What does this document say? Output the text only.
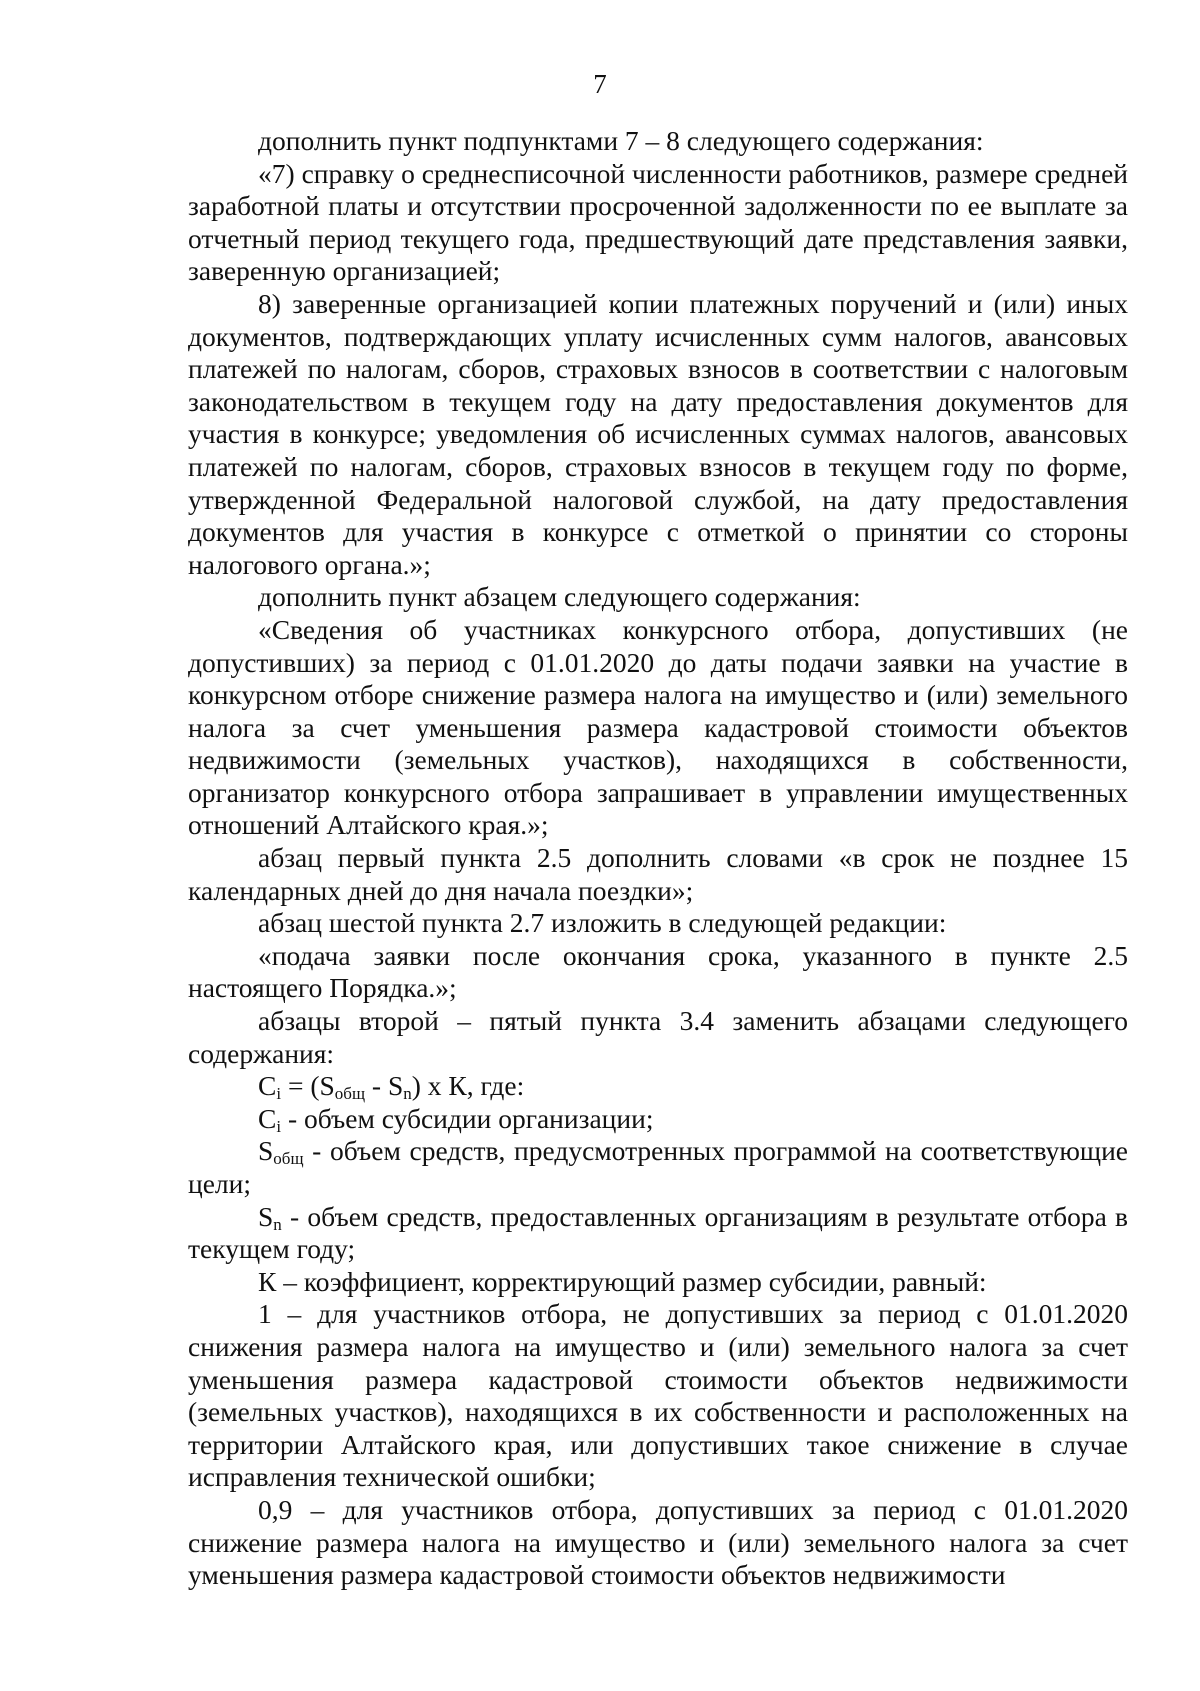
7

дополнить пункт подпунктами 7 – 8 следующего содержания:

«7) справку о среднесписочной численности работников, размере средней заработной платы и отсутствии просроченной задолженности по ее выплате за отчетный период текущего года, предшествующий дате представления заявки, заверенную организацией;

8) заверенные организацией копии платежных поручений и (или) иных документов, подтверждающих уплату исчисленных сумм налогов, авансовых платежей по налогам, сборов, страховых взносов в соответствии с налоговым законодательством в текущем году на дату предоставления документов для участия в конкурсе; уведомления об исчисленных суммах налогов, авансовых платежей по налогам, сборов, страховых взносов в текущем году по форме, утвержденной Федеральной налоговой службой, на дату предоставления документов для участия в конкурсе с отметкой о принятии со стороны налогового органа.»;

дополнить пункт абзацем следующего содержания:

«Сведения об участниках конкурсного отбора, допустивших (не допустивших) за период с 01.01.2020 до даты подачи заявки на участие в конкурсном отборе снижение размера налога на имущество и (или) земельного налога за счет уменьшения размера кадастровой стоимости объектов недвижимости (земельных участков), находящихся в собственности, организатор конкурсного отбора запрашивает в управлении имущественных отношений Алтайского края.»;

абзац первый пункта 2.5 дополнить словами «в срок не позднее 15 календарных дней до дня начала поездки»;

абзац шестой пункта 2.7 изложить в следующей редакции:

«подача заявки после окончания срока, указанного в пункте 2.5 настоящего Порядка.»;

абзацы второй – пятый пункта 3.4 заменить абзацами следующего содержания:

$C_i = (S_{общ} - S_n)$ х К, где:

$C_i$ - объем субсидии организации;

$S_{общ}$ - объем средств, предусмотренных программой на соответствующие цели;

$S_n$ - объем средств, предоставленных организациям в результате отбора в текущем году;

К – коэффициент, корректирующий размер субсидии, равный:

1 – для участников отбора, не допустивших за период с 01.01.2020 снижения размера налога на имущество и (или) земельного налога за счет уменьшения размера кадастровой стоимости объектов недвижимости (земельных участков), находящихся в их собственности и расположенных на территории Алтайского края, или допустивших такое снижение в случае исправления технической ошибки;

0,9 – для участников отбора, допустивших за период с 01.01.2020 снижение размера налога на имущество и (или) земельного налога за счет уменьшения размера кадастровой стоимости объектов недвижимости
